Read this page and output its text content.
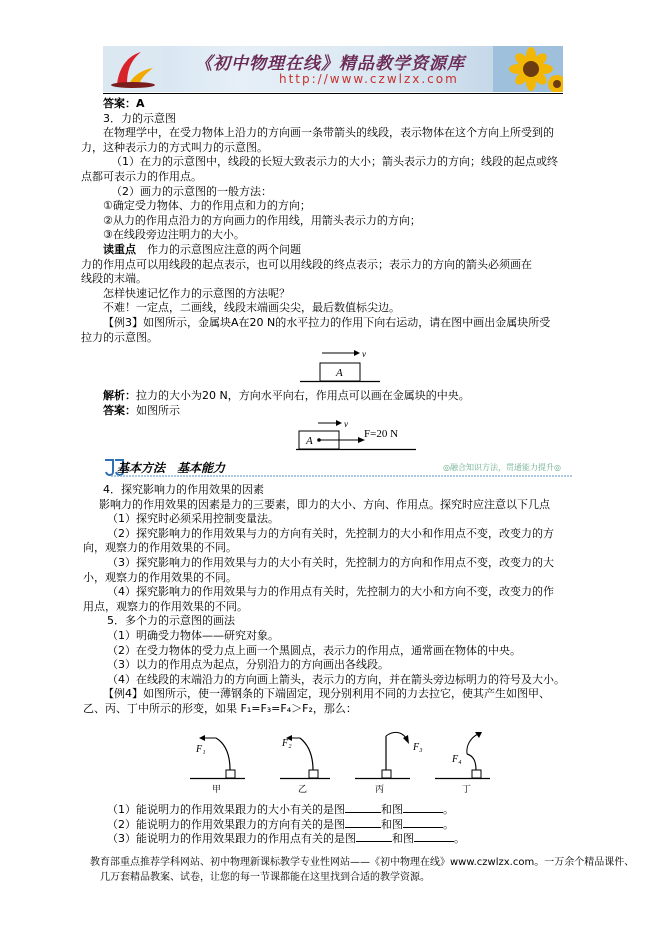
《初中物理在线》精品教学资源库
http://www.czwlzx.com
答案：A
3．力的示意图
在物理学中，在受力物体上沿力的方向画一条带箭头的线段，表示物体在这个方向上所受到的
力，这种表示力的方式叫力的示意图。
（1）在力的示意图中，线段的长短大致表示力的大小；箭头表示力的方向；线段的起点或终
点都可表示力的作用点。
（2）画力的示意图的一般方法：
①确定受力物体、力的作用点和力的方向；
②从力的作用点沿力的方向画力的作用线，用箭头表示力的方向；
③在线段旁边注明力的大小。
读重点　作力的示意图应注意的两个问题
力的作用点可以用线段的起点表示，也可以用线段的终点表示；表示力的方向的箭头必须画在
线段的末端。
怎样快速记忆作力的示意图的方法呢？
不难！一定点，二画线，线段末端画尖尖，最后数值标尖边。
【例3】如图所示，金属块A在20 N的水平拉力的作用下向右运动，请在图中画出金属块所受
拉力的示意图。
v
A
解析：拉力的大小为20 N，方向水平向右，作用点可以画在金属块的中央。
答案：如图所示
v
A
F=20 N
基本方法　基本能力	◎融合知识方法，贯通能力提升◎
4．探究影响力的作用效果的因素
影响力的作用效果的因素是力的三要素，即力的大小、方向、作用点。探究时应注意以下几点
（1）探究时必须采用控制变量法。
（2）探究影响力的作用效果与力的方向有关时，先控制力的大小和作用点不变，改变力的方
向，观察力的作用效果的不同。
（3）探究影响力的作用效果与力的大小有关时，先控制力的方向和作用点不变，改变力的大
小，观察力的作用效果的不同。
（4）探究影响力的作用效果与力的作用点有关时，先控制力的大小和方向不变，改变力的作
用点，观察力的作用效果的不同。
5．多个力的示意图的画法
（1）明确受力物体——研究对象。
（2）在受力物体的受力点上画一个黑圆点，表示力的作用点，通常画在物体的中央。
（3）以力的作用点为起点，分别沿力的方向画出各线段。
（4）在线段的末端沿力的方向画上箭头，表示力的方向，并在箭头旁边标明力的符号及大小。
【例4】如图所示，使一薄钢条的下端固定，现分别利用不同的力去拉它，使其产生如图甲、
乙、丙、丁中所示的形变，如果 F₁=F₃=F₄＞F₂，那么：
F₁
甲
F₂
乙
F₃
丙
F₄
丁
（1）能说明力的作用效果跟力的大小有关的是图	和图	。
（2）能说明力的作用效果跟力的方向有关的是图	和图	。
（3）能说明力的作用效果跟力的作用点有关的是图	和图	。
教育部重点推荐学科网站、初中物理新课标教学专业性网站——《初中物理在线》www.czwlzx.com。一万余个精品课件、
几万套精品教案、试卷，让您的每一节课都能在这里找到合适的教学资源。
